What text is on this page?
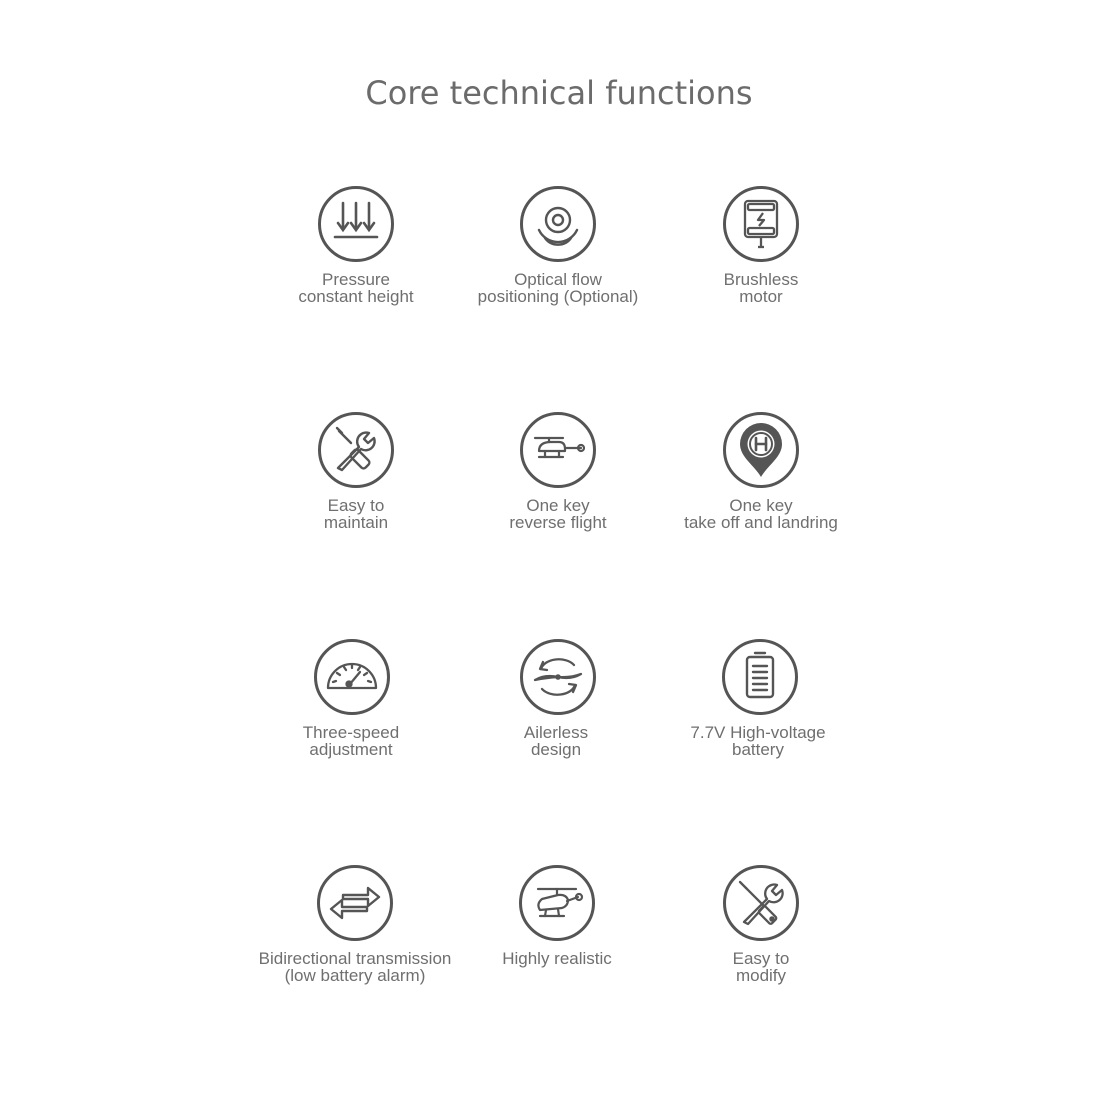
Core technical functions
Pressure
constant height
Optical flow
positioning (Optional)
Brushless
motor
Easy to
maintain
One key
reverse flight
One key
take off and landring
Three-speed
adjustment
Ailerless
design
7.7V High-voltage
battery
Bidirectional transmission
(low battery alarm)
Highly realistic	Easy to
modify
